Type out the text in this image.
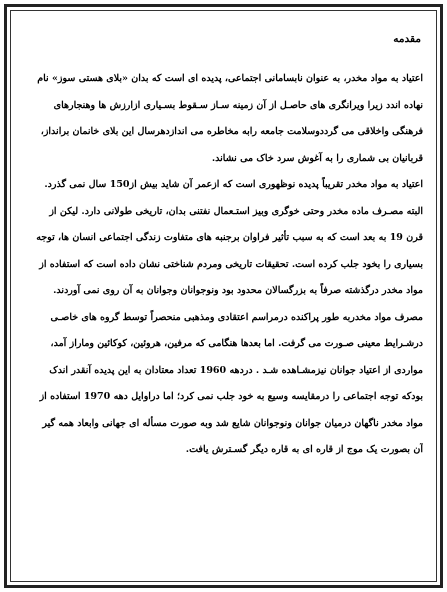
مقدمه

اعتیاد به مواد مخدر، به عنوان نابسامانی اجتماعی، پدیده ای است که بدان «بلای هستی سوز» نام
نهاده اندد زیرا ویرانگری های حاصـل از آن زمینه سـاز سـقوط بسـیاری ازارزش ها وهنجارهای
فرهنگی واخلاقی می گرددوسلامت جامعه رابه مخاطره می اندازدهرسال این بلای خانمان برانداز،
قربانیان بی شماری را به آغوش سرد خاک می نشاند.

اعتیاد به مواد مخدر تقریباً پدیده نوظهوری است که ازعمر آن شاید بیش از150 سال نمی گذرد.
البته مصـرف ماده مخدر وحتی خوگری وبیز استـعمال نفتنی بدان، تاریخی طولانی دارد. لیکن از
قرن 19 به بعد است که به سبب تأثیر فراوان برجنبه های متفاوت زندگی اجتماعی انسان ها، توجه
بسیاری را بخود جلب کرده است. تحقیقات تاریخی ومردم شناختی نشان داده است که استفاده از
مواد مخدر درگذشته صرفاً به بزرگسالان محدود بود ونوجوانان وجوانان به آن روی نمی آوردند.
مصرف مواد مخدربه طور پراکنده درمراسم اعتقادی ومذهبی منحصراً توسط گروه های خاصـی
درشـرایط معینی صـورت می گرفت. اما بعدها هنگامی که مرفین، هروئین، کوکائین وماراز آمد،
مواردی از اعتیاد جوانان نیزمشـاهده شـد . دردهه 1960 تعداد معتادان به این پدیده آنقدر اندک
بودکه توجه اجتماعی را درمقایسه وسیع به خود جلب نمی کرد؛ اما دراوایل دهه 1970 استفاده از
مواد مخدر ناگهان درمیان جوانان ونوجوانان شایع شد وبه صورت مسأله ای جهانی وابعاد همه گیر
آن بصورت یک موج از قاره ای به قاره دیگر گسـترش یافت.
